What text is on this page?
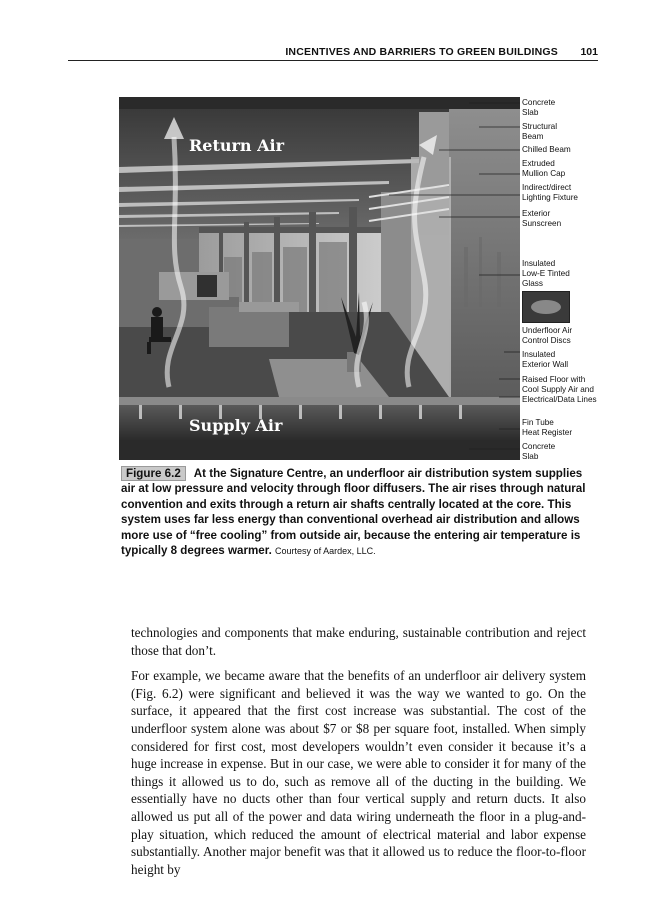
INCENTIVES AND BARRIERS TO GREEN BUILDINGS 101
Return Air
Supply Air
Concrete
Slab
Structural
Beam
Chilled Beam
Extruded
Mullion Cap
Indirect/direct
Lighting Fixture
Exterior
Sunscreen
Insulated
Low-E Tinted
Glass
Underfloor Air
Control Discs
Insulated
Exterior Wall
Raised Floor with
Cool Supply Air and
Electrical/Data Lines
Fin Tube
Heat Register
Concrete
Slab
Figure 6.2 At the Signature Centre, an underfloor air distribution system supplies air at low pressure and velocity through floor diffusers. The air rises through natural convention and exits through a return air shafts centrally located at the core. This system uses far less energy than conventional overhead air distribution and allows more use of “free cooling” from outside air, because the entering air temperature is typically 8 degrees warmer. Courtesy of Aardex, LLC.

technologies and components that make enduring, sustainable contribution and reject those that don’t.

For example, we became aware that the benefits of an underfloor air delivery system (Fig. 6.2) were significant and believed it was the way we wanted to go. On the surface, it appeared that the first cost increase was substantial. The cost of the underfloor system alone was about $7 or $8 per square foot, installed. When simply considered for first cost, most developers wouldn’t even consider it because it’s a huge increase in expense. But in our case, we were able to consider it for many of the things it allowed us to do, such as remove all of the ducting in the building. We essentially have no ducts other than four vertical supply and return ducts. It also allowed us put all of the power and data wiring underneath the floor in a plug-and-play situation, which reduced the amount of electrical material and labor expense substantially. Another major benefit was that it allowed us to reduce the floor-to-floor height by
